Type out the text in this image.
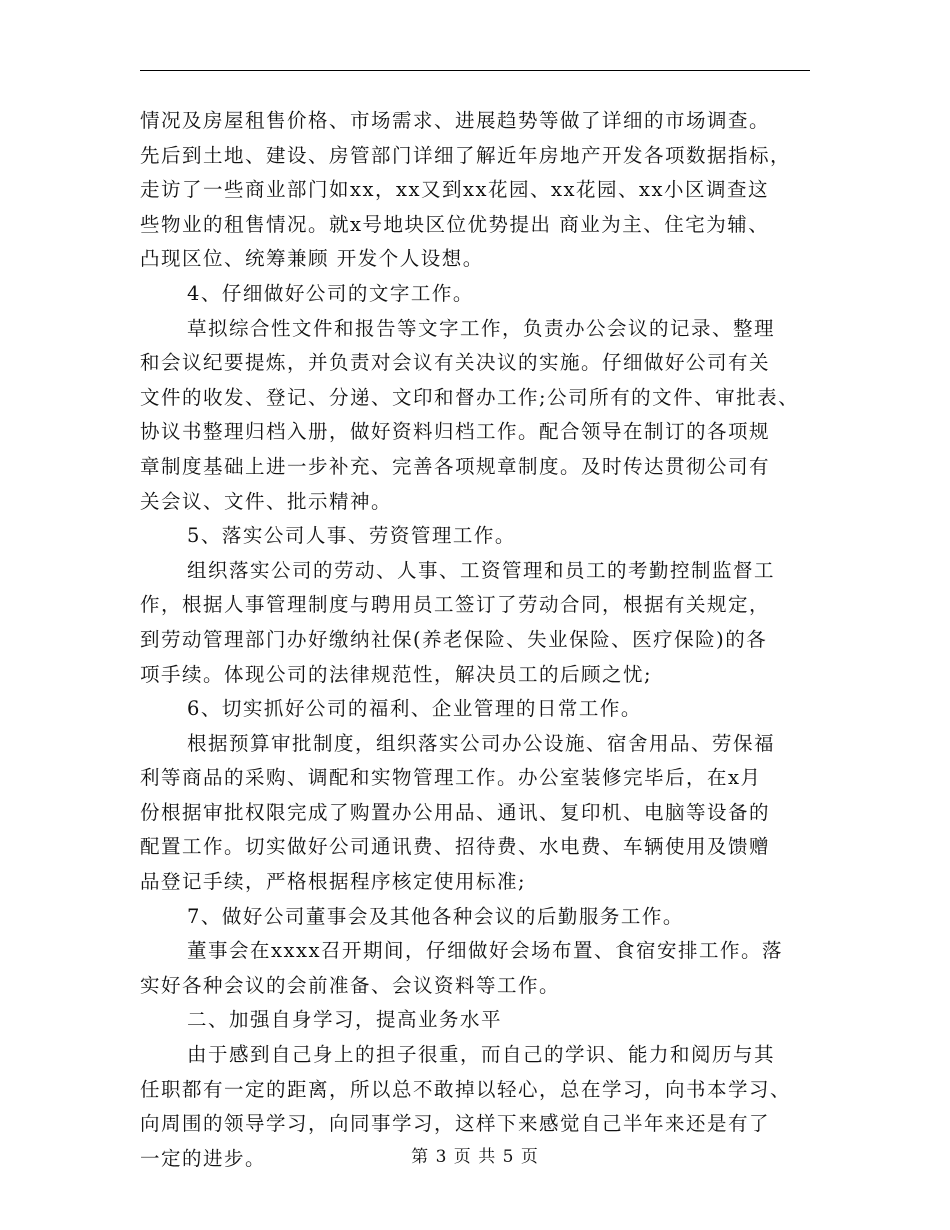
情况及房屋租售价格、市场需求、进展趋势等做了详细的市场调查。
先后到土地、建设、房管部门详细了解近年房地产开发各项数据指标，
走访了一些商业部门如xx，xx又到xx花园、xx花园、xx小区调查这
些物业的租售情况。就x号地块区位优势提出 商业为主、住宅为辅、
凸现区位、统筹兼顾 开发个人设想。
4、仔细做好公司的文字工作。
草拟综合性文件和报告等文字工作，负责办公会议的记录、整理
和会议纪要提炼，并负责对会议有关决议的实施。仔细做好公司有关
文件的收发、登记、分递、文印和督办工作;公司所有的文件、审批表、
协议书整理归档入册，做好资料归档工作。配合领导在制订的各项规
章制度基础上进一步补充、完善各项规章制度。及时传达贯彻公司有
关会议、文件、批示精神。
5、落实公司人事、劳资管理工作。
组织落实公司的劳动、人事、工资管理和员工的考勤控制监督工
作，根据人事管理制度与聘用员工签订了劳动合同，根据有关规定，
到劳动管理部门办好缴纳社保(养老保险、失业保险、医疗保险)的各
项手续。体现公司的法律规范性，解决员工的后顾之忧;
6、切实抓好公司的福利、企业管理的日常工作。
根据预算审批制度，组织落实公司办公设施、宿舍用品、劳保福
利等商品的采购、调配和实物管理工作。办公室装修完毕后，在x月
份根据审批权限完成了购置办公用品、通讯、复印机、电脑等设备的
配置工作。切实做好公司通讯费、招待费、水电费、车辆使用及馈赠
品登记手续，严格根据程序核定使用标准;
7、做好公司董事会及其他各种会议的后勤服务工作。
董事会在xxxx召开期间，仔细做好会场布置、食宿安排工作。落
实好各种会议的会前准备、会议资料等工作。
二、加强自身学习，提高业务水平
由于感到自己身上的担子很重，而自己的学识、能力和阅历与其
任职都有一定的距离，所以总不敢掉以轻心，总在学习，向书本学习、
向周围的领导学习，向同事学习，这样下来感觉自己半年来还是有了
一定的进步。	第 3 页 共 5 页
